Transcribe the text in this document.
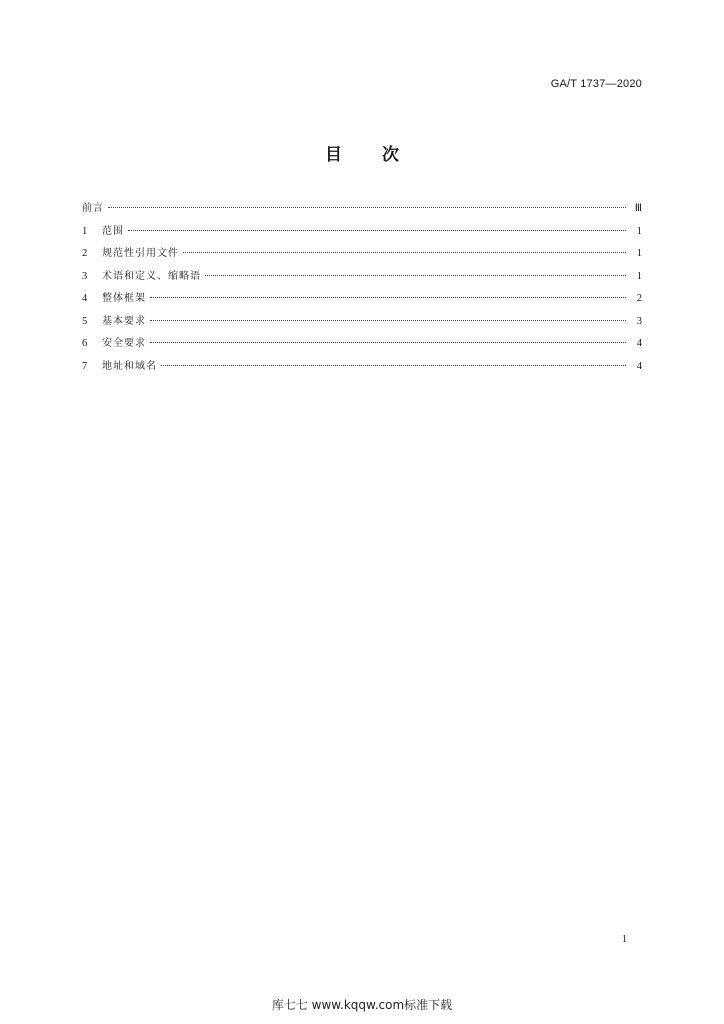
GA/T 1737—2020
目 次
前言	Ⅲ
1	范围	1
2	规范性引用文件	1
3	术语和定义、缩略语	1
4	整体框架	2
5	基本要求	3
6	安全要求	4
7	地址和域名	4
1
库七七 www.kqqw.com标准下载
